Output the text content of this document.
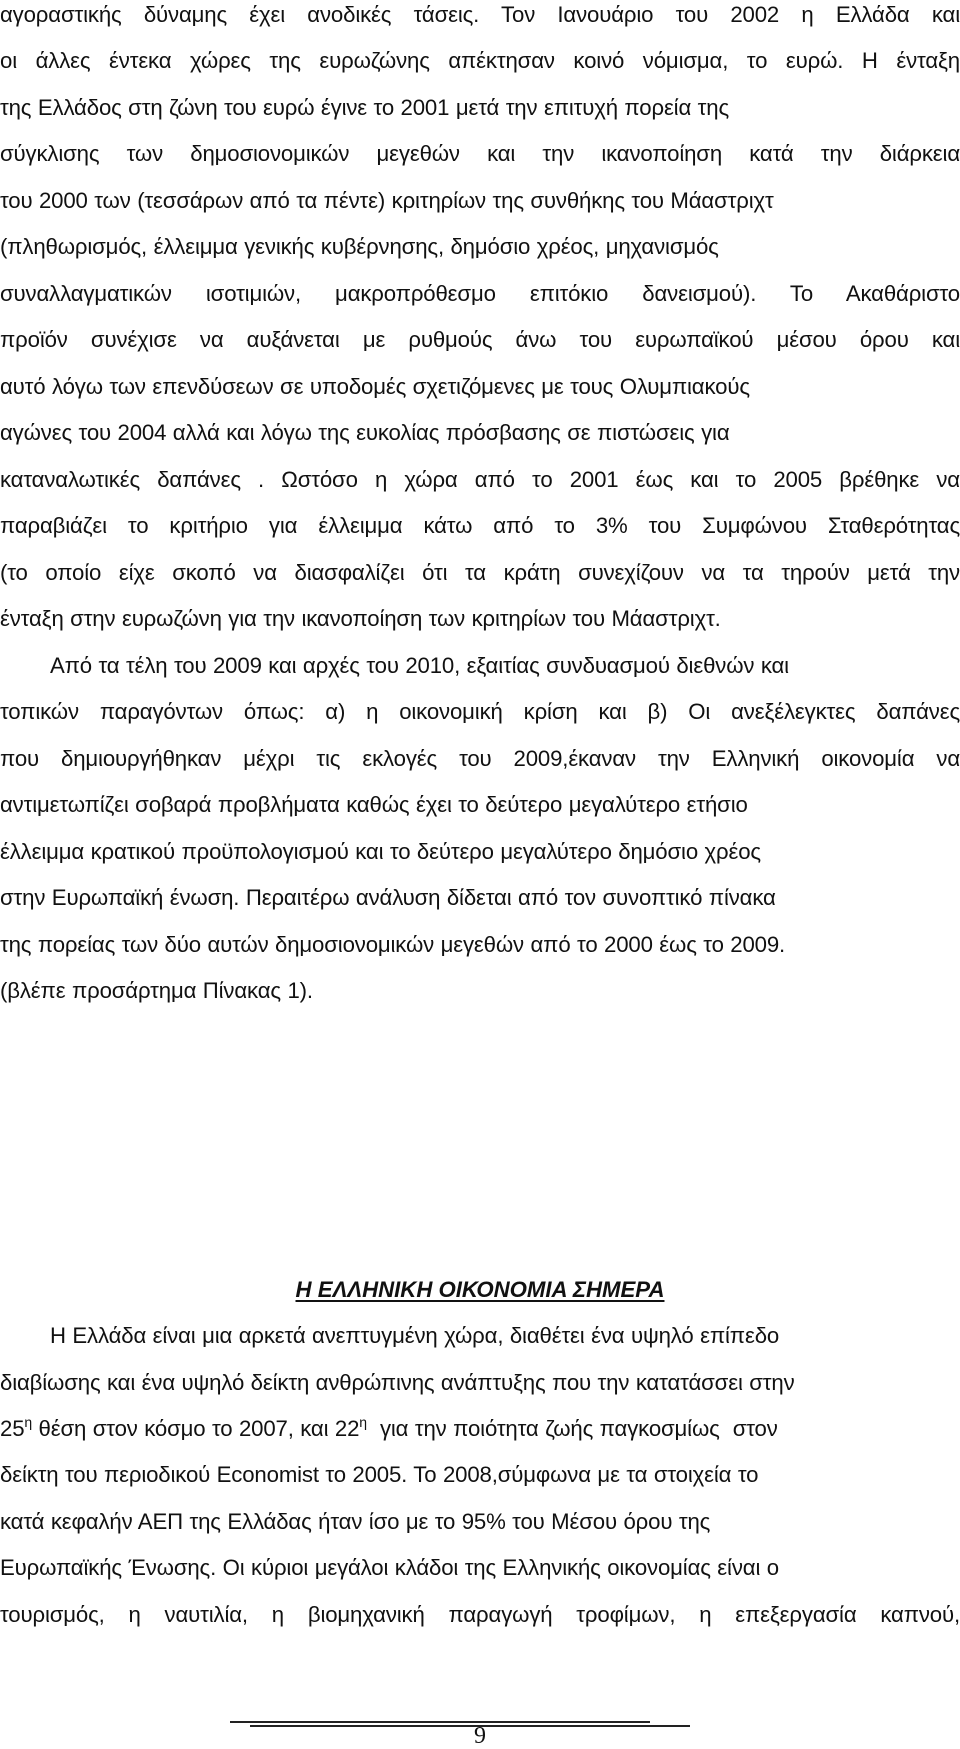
αγοραστικής δύναμης έχει ανοδικές τάσεις. Τον Ιανουάριο του 2002 η Ελλάδα και
οι άλλες έντεκα χώρες της ευρωζώνης απέκτησαν κοινό νόμισμα, το ευρώ. Η ένταξη
της Ελλάδος στη ζώνη του ευρώ έγινε το 2001 μετά την επιτυχή πορεία της
σύγκλισης των δημοσιονομικών μεγεθών και την ικανοποίηση κατά την διάρκεια
του 2000 των (τεσσάρων από τα πέντε) κριτηρίων της συνθήκης του Μάαστριχτ
(πληθωρισμός, έλλειμμα γενικής κυβέρνησης, δημόσιο χρέος, μηχανισμός
συναλλαγματικών ισοτιμιών, μακροπρόθεσμο επιτόκιο δανεισμού). Το Ακαθάριστο
προϊόν συνέχισε να αυξάνεται με ρυθμούς άνω του ευρωπαϊκού μέσου όρου και
αυτό λόγω των επενδύσεων σε υποδομές σχετιζόμενες με τους Ολυμπιακούς
αγώνες του 2004 αλλά και λόγω της ευκολίας πρόσβασης σε πιστώσεις για
καταναλωτικές δαπάνες . Ωστόσο η χώρα από το 2001 έως και το 2005 βρέθηκε να
παραβιάζει το κριτήριο για έλλειμμα κάτω από το 3% του Συμφώνου Σταθερότητας
(το οποίο είχε σκοπό να διασφαλίζει ότι τα κράτη συνεχίζουν να τα τηρούν μετά την
ένταξη στην ευρωζώνη για την ικανοποίηση των κριτηρίων του Μάαστριχτ.
Από τα τέλη του 2009 και αρχές του 2010, εξαιτίας συνδυασμού διεθνών και
τοπικών παραγόντων όπως: α) η οικονομική κρίση και β) Οι ανεξέλεγκτες δαπάνες
που δημιουργήθηκαν μέχρι τις εκλογές του 2009,έκαναν την Ελληνική οικονομία να
αντιμετωπίζει σοβαρά προβλήματα καθώς έχει το δεύτερο μεγαλύτερο ετήσιο
έλλειμμα κρατικού προϋπολογισμού και το δεύτερο μεγαλύτερο δημόσιο χρέος
στην Ευρωπαϊκή ένωση. Περαιτέρω ανάλυση δίδεται από τον συνοπτικό πίνακα
της πορείας των δύο αυτών δημοσιονομικών μεγεθών από το 2000 έως το 2009.
(βλέπε προσάρτημα Πίνακας 1).
Η ΕΛΛΗΝΙΚΗ ΟΙΚΟΝΟΜΙΑ ΣΗΜΕΡΑ
Η Ελλάδα είναι μια αρκετά ανεπτυγμένη χώρα, διαθέτει ένα υψηλό επίπεδο
διαβίωσης και ένα υψηλό δείκτη ανθρώπινης ανάπτυξης που την κατατάσσει στην
$25^\eta$ θέση στον κόσμο το 2007, και $22^\eta$  για την ποιότητα ζωής παγκοσμίως  στον
δείκτη του περιοδικού Economist το 2005. Το 2008,σύμφωνα με τα στοιχεία το
κατά κεφαλήν ΑΕΠ της Ελλάδας ήταν ίσο με το 95% του Μέσου όρου της
Ευρωπαϊκής Ένωσης. Οι κύριοι μεγάλοι κλάδοι της Ελληνικής οικονομίας είναι ο
τουρισμός, η ναυτιλία, η βιομηχανική παραγωγή τροφίμων, η επεξεργασία καπνού,
9
